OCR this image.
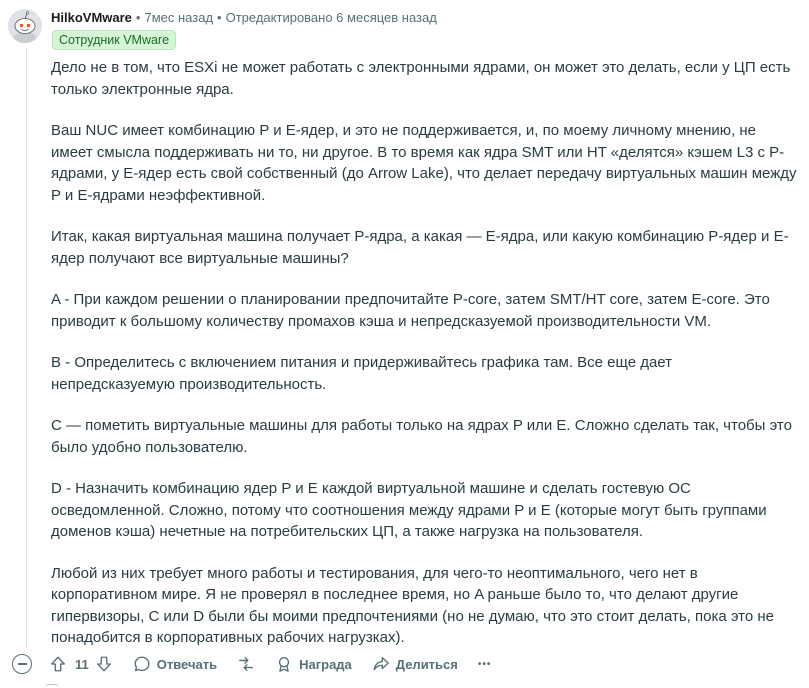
HilkoVMware • 7мес назад • Отредактировано 6 месяцев назад
Сотрудник VMware

Дело не в том, что ESXi не может работать с электронными ядрами, он может это делать, если у ЦП есть только электронные ядра.

Ваш NUC имеет комбинацию P и E-ядер, и это не поддерживается, и, по моему личному мнению, не имеет смысла поддерживать ни то, ни другое. В то время как ядра SMT или HT «делятся» кэшем L3 с P-ядрами, у E-ядер есть свой собственный (до Arrow Lake), что делает передачу виртуальных машин между P и E-ядрами неэффективной.

Итак, какая виртуальная машина получает P-ядра, а какая — E-ядра, или какую комбинацию P-ядер и E-ядер получают все виртуальные машины?

A - При каждом решении о планировании предпочитайте P-core, затем SMT/HT core, затем E-core. Это приводит к большому количеству промахов кэша и непредсказуемой производительности VM.

B - Определитесь с включением питания и придерживайтесь графика там. Все еще дает непредсказуемую производительность.

C — пометить виртуальные машины для работы только на ядрах P или E. Сложно сделать так, чтобы это было удобно пользователю.

D - Назначить комбинацию ядер P и E каждой виртуальной машине и сделать гостевую ОС осведомленной. Сложно, потому что соотношения между ядрами P и E (которые могут быть группами доменов кэша) нечетные на потребительских ЦП, а также нагрузка на пользователя.

Любой из них требует много работы и тестирования, для чего-то неоптимального, чего нет в корпоративном мире. Я не проверял в последнее время, но A раньше было то, что делают другие гипервизоры, C или D были бы моими предпочтениями (но не думаю, что это стоит делать, пока это не понадобится в корпоративных рабочих нагрузках).

11	Отвечать	Награда	Делиться •••
